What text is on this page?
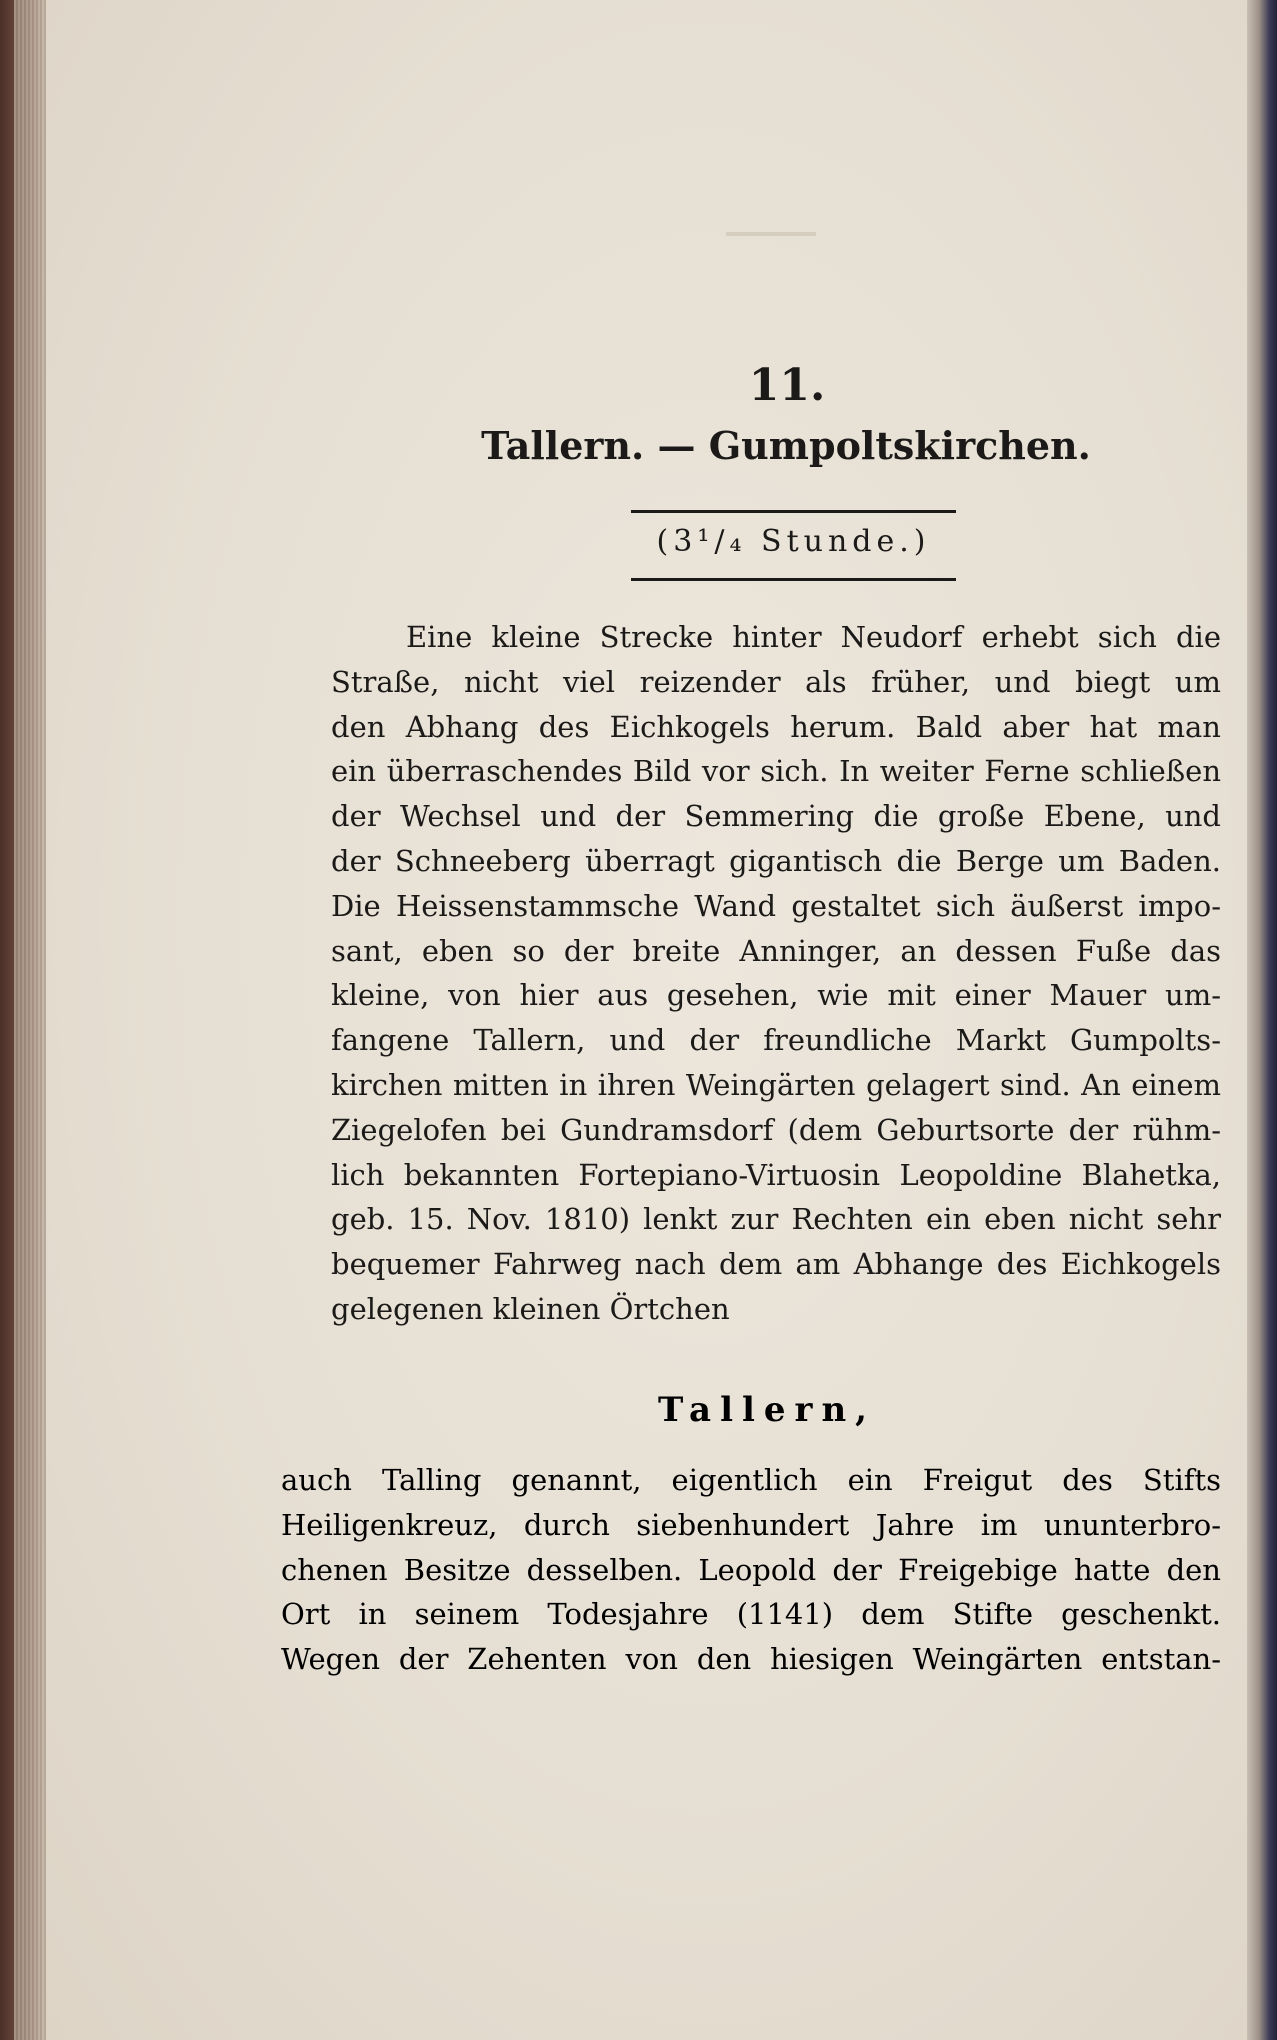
11.
Tallern. — Gumpoltskirchen.
(3¹/₄ Stunde.)
Eine kleine Strecke hinter Neudorf erhebt sich die
Straße, nicht viel reizender als früher, und biegt um
den Abhang des Eichkogels herum. Bald aber hat man
ein überraschendes Bild vor sich. In weiter Ferne schließen
der Wechsel und der Semmering die große Ebene, und
der Schneeberg überragt gigantisch die Berge um Baden.
Die Heissenstammsche Wand gestaltet sich äußerst impo-
sant, eben so der breite Anninger, an dessen Fuße das
kleine, von hier aus gesehen, wie mit einer Mauer um-
fangene Tallern, und der freundliche Markt Gumpolts-
kirchen mitten in ihren Weingärten gelagert sind. An einem
Ziegelofen bei Gundramsdorf (dem Geburtsorte der rühm-
lich bekannten Fortepiano-Virtuosin Leopoldine Blahetka,
geb. 15. Nov. 1810) lenkt zur Rechten ein eben nicht sehr
bequemer Fahrweg nach dem am Abhange des Eichkogels
gelegenen kleinen Örtchen
Tallern,
auch Talling genannt, eigentlich ein Freigut des Stifts
Heiligenkreuz, durch siebenhundert Jahre im ununterbro-
chenen Besitze desselben. Leopold der Freigebige hatte den
Ort in seinem Todesjahre (1141) dem Stifte geschenkt.
Wegen der Zehenten von den hiesigen Weingärten entstan-
